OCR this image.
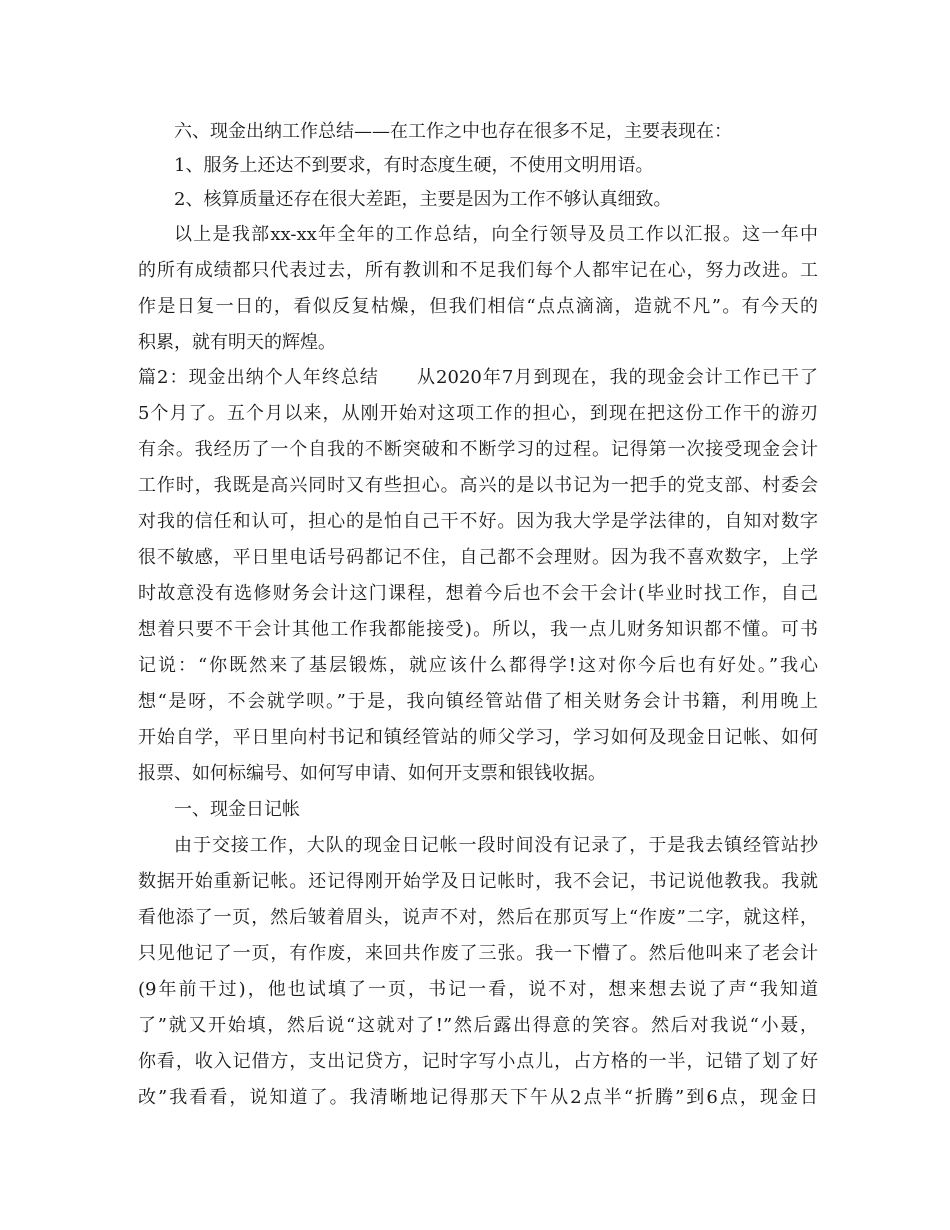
六、现金出纳工作总结——在工作之中也存在很多不足，主要表现在：
1、服务上还达不到要求，有时态度生硬，不使用文明用语。
2、核算质量还存在很大差距，主要是因为工作不够认真细致。
以上是我部xx-xx年全年的工作总结，向全行领导及员工作以汇报。这一年中
的所有成绩都只代表过去，所有教训和不足我们每个人都牢记在心，努力改进。工
作是日复一日的，看似反复枯燥，但我们相信“点点滴滴，造就不凡”。有今天的
积累，就有明天的辉煌。
篇2：现金出纳个人年终总结　　从2020年7月到现在，我的现金会计工作已干了
5个月了。五个月以来，从刚开始对这项工作的担心，到现在把这份工作干的游刃
有余。我经历了一个自我的不断突破和不断学习的过程。记得第一次接受现金会计
工作时，我既是高兴同时又有些担心。高兴的是以书记为一把手的党支部、村委会
对我的信任和认可，担心的是怕自己干不好。因为我大学是学法律的，自知对数字
很不敏感，平日里电话号码都记不住，自己都不会理财。因为我不喜欢数字，上学
时故意没有选修财务会计这门课程，想着今后也不会干会计(毕业时找工作，自己
想着只要不干会计其他工作我都能接受)。所以，我一点儿财务知识都不懂。可书
记说：“你既然来了基层锻炼，就应该什么都得学!这对你今后也有好处。”我心
想“是呀，不会就学呗。”于是，我向镇经管站借了相关财务会计书籍，利用晚上
开始自学，平日里向村书记和镇经管站的师父学习，学习如何及现金日记帐、如何
报票、如何标编号、如何写申请、如何开支票和银钱收据。
一、现金日记帐
由于交接工作，大队的现金日记帐一段时间没有记录了，于是我去镇经管站抄
数据开始重新记帐。还记得刚开始学及日记帐时，我不会记，书记说他教我。我就
看他添了一页，然后皱着眉头，说声不对，然后在那页写上“作废”二字，就这样，
只见他记了一页，有作废，来回共作废了三张。我一下懵了。然后他叫来了老会计
(9年前干过)，他也试填了一页，书记一看，说不对，想来想去说了声“我知道
了”就又开始填，然后说“这就对了!”然后露出得意的笑容。然后对我说“小聂，
你看，收入记借方，支出记贷方，记时字写小点儿，占方格的一半，记错了划了好
改”我看看，说知道了。我清晰地记得那天下午从2点半“折腾”到6点，现金日
